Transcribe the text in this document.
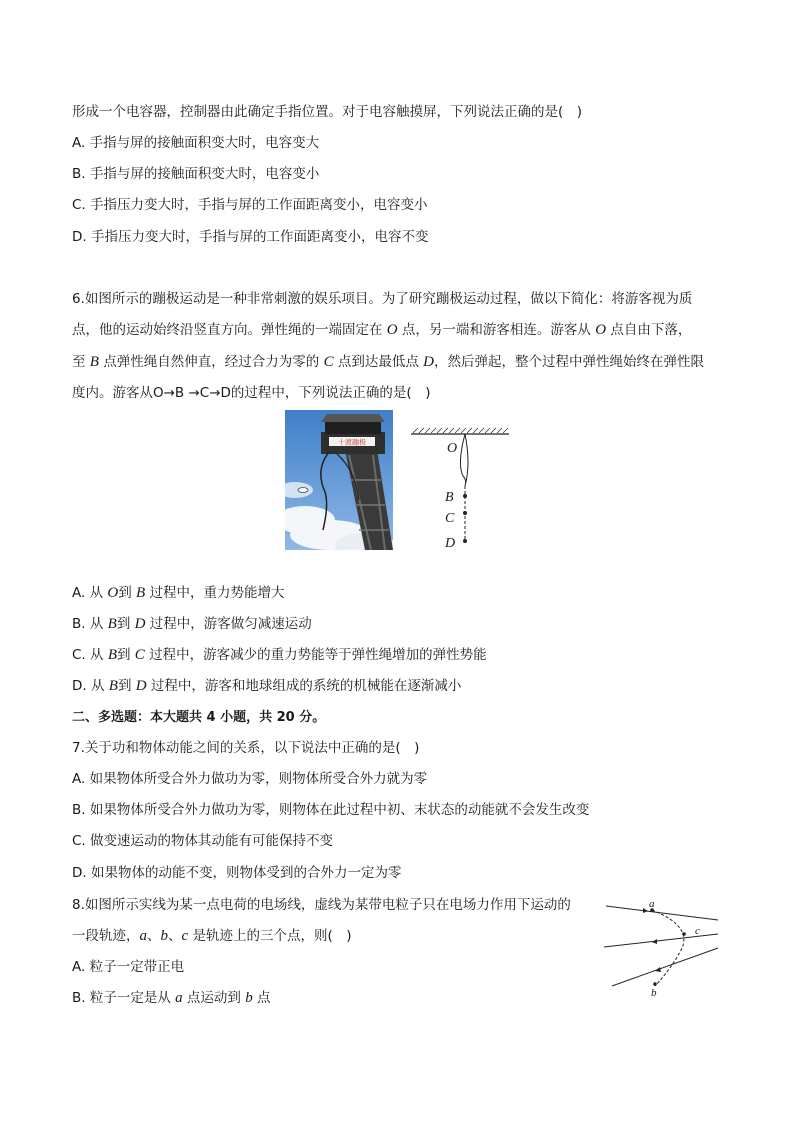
形成一个电容器，控制器由此确定手指位置。对于电容触摸屏，下列说法正确的是(　)
A. 手指与屏的接触面积变大时，电容变大
B. 手指与屏的接触面积变大时，电容变小
C. 手指压力变大时，手指与屏的工作面距离变小，电容变小
D. 手指压力变大时，手指与屏的工作面距离变小，电容不变
6.如图所示的蹦极运动是一种非常刺激的娱乐项目。为了研究蹦极运动过程，做以下简化：将游客视为质
点，他的运动始终沿竖直方向。弹性绳的一端固定在 O 点，另一端和游客相连。游客从 O 点自由下落，
至 B 点弹性绳自然伸直，经过合力为零的 C 点到达最低点 D，然后弹起，整个过程中弹性绳始终在弹性限
度内。游客从O→B →C→D的过程中，下列说法正确的是(　)
十渡蹦极	O
B
C
D
A. 从 O到 B 过程中，重力势能增大
B. 从 B到 D 过程中，游客做匀减速运动
C. 从 B到 C 过程中，游客减少的重力势能等于弹性绳增加的弹性势能
D. 从 B到 D 过程中，游客和地球组成的系统的机械能在逐渐减小
二、多选题：本大题共 4 小题，共 20 分。
7.关于功和物体动能之间的关系，以下说法中正确的是(　)
A. 如果物体所受合外力做功为零，则物体所受合外力就为零
B. 如果物体所受合外力做功为零，则物体在此过程中初、末状态的动能就不会发生改变
C. 做变速运动的物体其动能有可能保持不变
D. 如果物体的动能不变，则物体受到的合外力一定为零
8.如图所示实线为某一点电荷的电场线，虚线为某带电粒子只在电场力作用下运动的
一段轨迹，a、b、c 是轨迹上的三个点，则(　)
A. 粒子一定带正电
B. 粒子一定是从 a 点运动到 b 点
a
c
b
